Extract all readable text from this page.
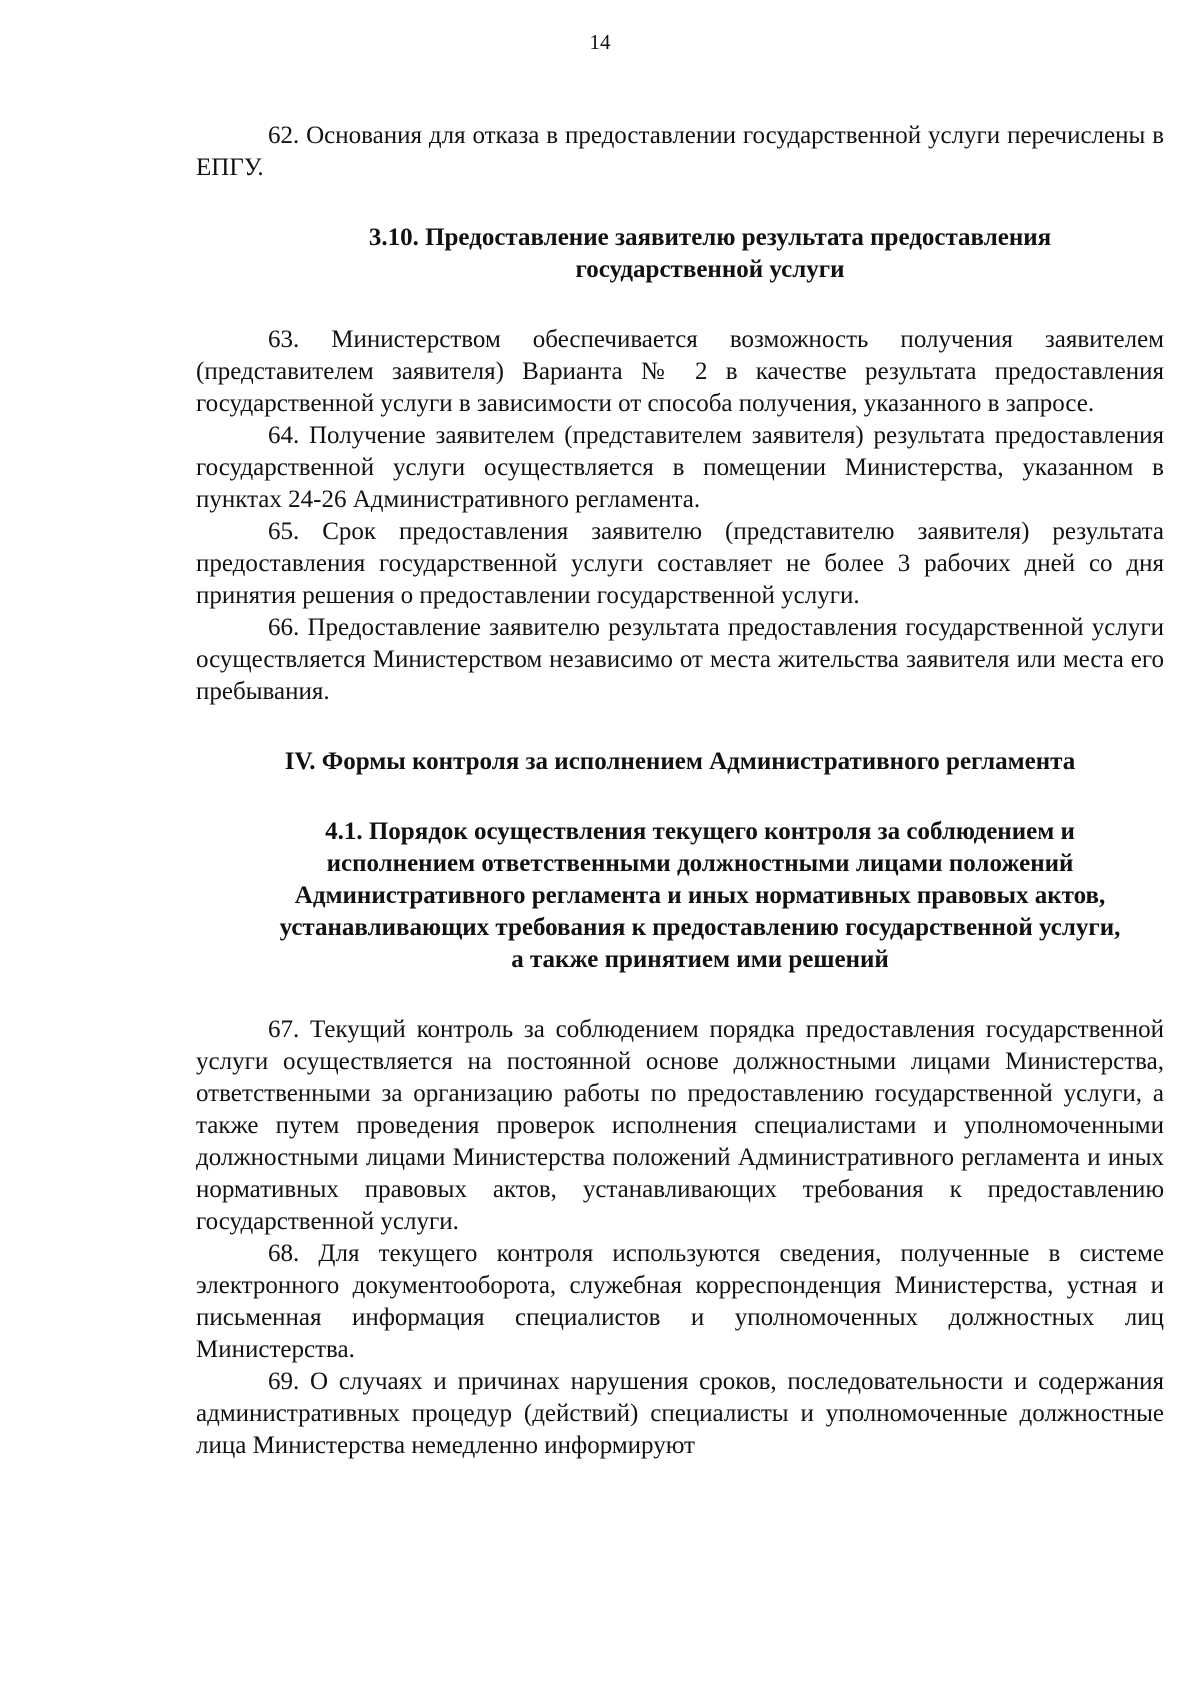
14

62. Основания для отказа в предоставлении государственной услуги перечислены в ЕПГУ.

3.10. Предоставление заявителю результата предоставления
государственной услуги

63. Министерством обеспечивается возможность получения заявителем (представителем заявителя) Варианта № 2 в качестве результата предоставления государственной услуги в зависимости от способа получения, указанного в запросе.

64. Получение заявителем (представителем заявителя) результата предоставления государственной услуги осуществляется в помещении Министерства, указанном в пунктах 24-26 Административного регламента.

65. Срок предоставления заявителю (представителю заявителя) результата предоставления государственной услуги составляет не более 3 рабочих дней со дня принятия решения о предоставлении государственной услуги.

66. Предоставление заявителю результата предоставления государственной услуги осуществляется Министерством независимо от места жительства заявителя или места его пребывания.

IV. Формы контроля за исполнением Административного регламента
4.1. Порядок осуществления текущего контроля за соблюдением и
исполнением ответственными должностными лицами положений
Административного регламента и иных нормативных правовых актов,
устанавливающих требования к предоставлению государственной услуги,
а также принятием ими решений

67. Текущий контроль за соблюдением порядка предоставления государственной услуги осуществляется на постоянной основе должностными лицами Министерства, ответственными за организацию работы по предоставлению государственной услуги, а также путем проведения проверок исполнения специалистами и уполномоченными должностными лицами Министерства положений Административного регламента и иных нормативных правовых актов, устанавливающих требования к предоставлению государственной услуги.

68. Для текущего контроля используются сведения, полученные в системе электронного документооборота, служебная корреспонденция Министерства, устная и письменная информация специалистов и уполномоченных должностных лиц Министерства.

69. О случаях и причинах нарушения сроков, последовательности и содержания административных процедур (действий) специалисты и уполномоченные должностные лица Министерства немедленно информируют
